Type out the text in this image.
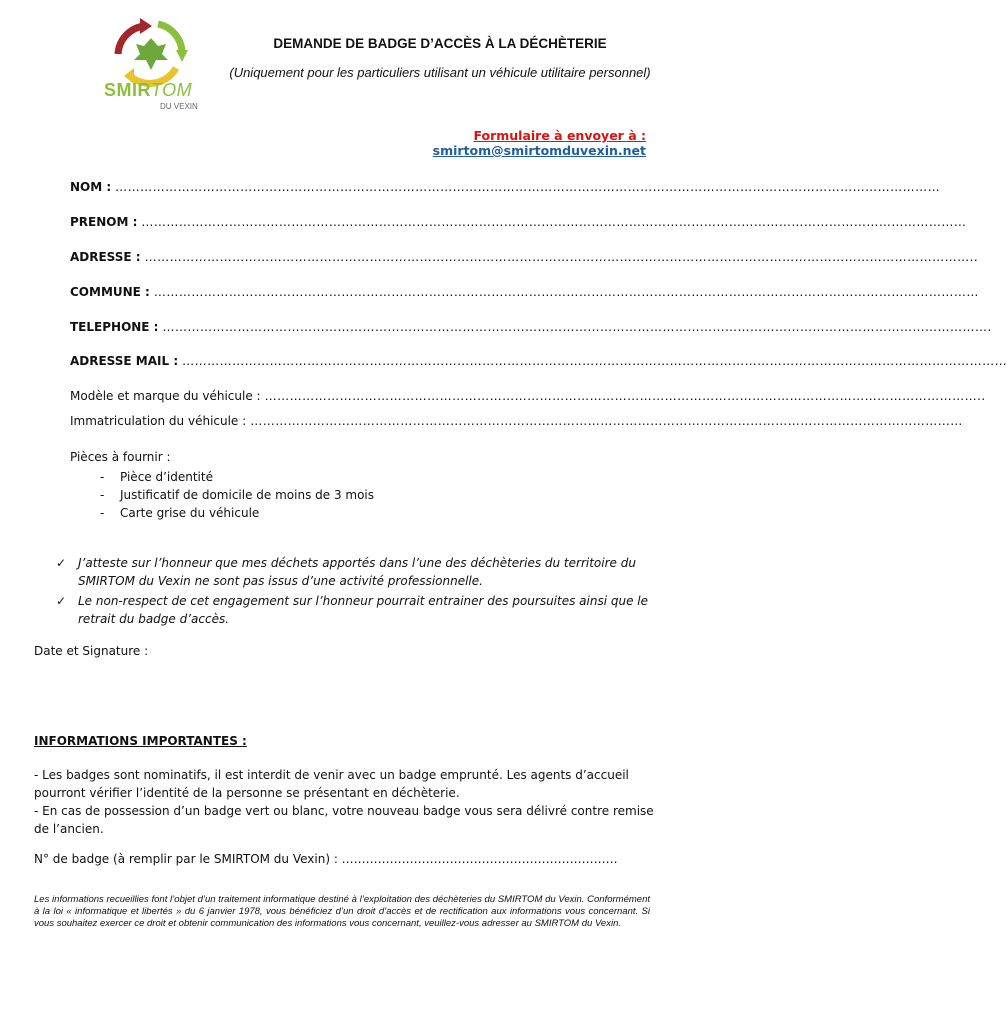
SMIRTOM
DU VEXIN
DEMANDE DE BADGE D’ACCÈS À LA DÉCHÈTERIE
(Uniquement pour les particuliers utilisant un véhicule utilitaire personnel)
Formulaire à envoyer à : smirtom@smirtomduvexin.net
NOM : ………………………………………………………………………………………………………………………………………………………………………………
PRENOM : ………………………………………………………………………………………………………………………………………………………………………………
ADRESSE : ………………………………………………………………………………………………………………………………………………………………………………..
COMMUNE : ………………………………………………………………………………………………………………………………………………………………………………
TELEPHONE : ……………………………………………………………………………………………………………………………………………………………………………….
ADRESSE MAIL : ………………………………………………………………………………………………………………………………………………………………………………
Modèle et marque du véhicule : ………………………………………………………………………………………………………………………………………………………..
Immatriculation du véhicule : ………………………………………………………………………………………………………………………………………………………
Pièces à fournir :
- Pièce d’identité
- Justificatif de domicile de moins de 3 mois
- Carte grise du véhicule
✓ J’atteste sur l’honneur que mes déchets apportés dans l’une des déchèteries du territoire du SMIRTOM du Vexin ne sont pas issus d’une activité professionnelle.
✓ Le non-respect de cet engagement sur l’honneur pourrait entrainer des poursuites ainsi que le retrait du badge d’accès.
Date et Signature :
INFORMATIONS IMPORTANTES :
- Les badges sont nominatifs, il est interdit de venir avec un badge emprunté. Les agents d’accueil pourront vérifier l’identité de la personne se présentant en déchèterie.
- En cas de possession d’un badge vert ou blanc, votre nouveau badge vous sera délivré contre remise de l’ancien.
N° de badge (à remplir par le SMIRTOM du Vexin) : ……………………………………………………………
Les informations recueillies font l’objet d’un traitement informatique destiné à l’exploitation des déchèteries du SMIRTOM du Vexin. Conformément à la loi « informatique et libertés » du 6 janvier 1978, vous bénéficiez d’un droit d’accès et de rectification aux informations vous concernant. Si vous souhaitez exercer ce droit et obtenir communication des informations vous concernant, veuillez-vous adresser au SMIRTOM du Vexin.
